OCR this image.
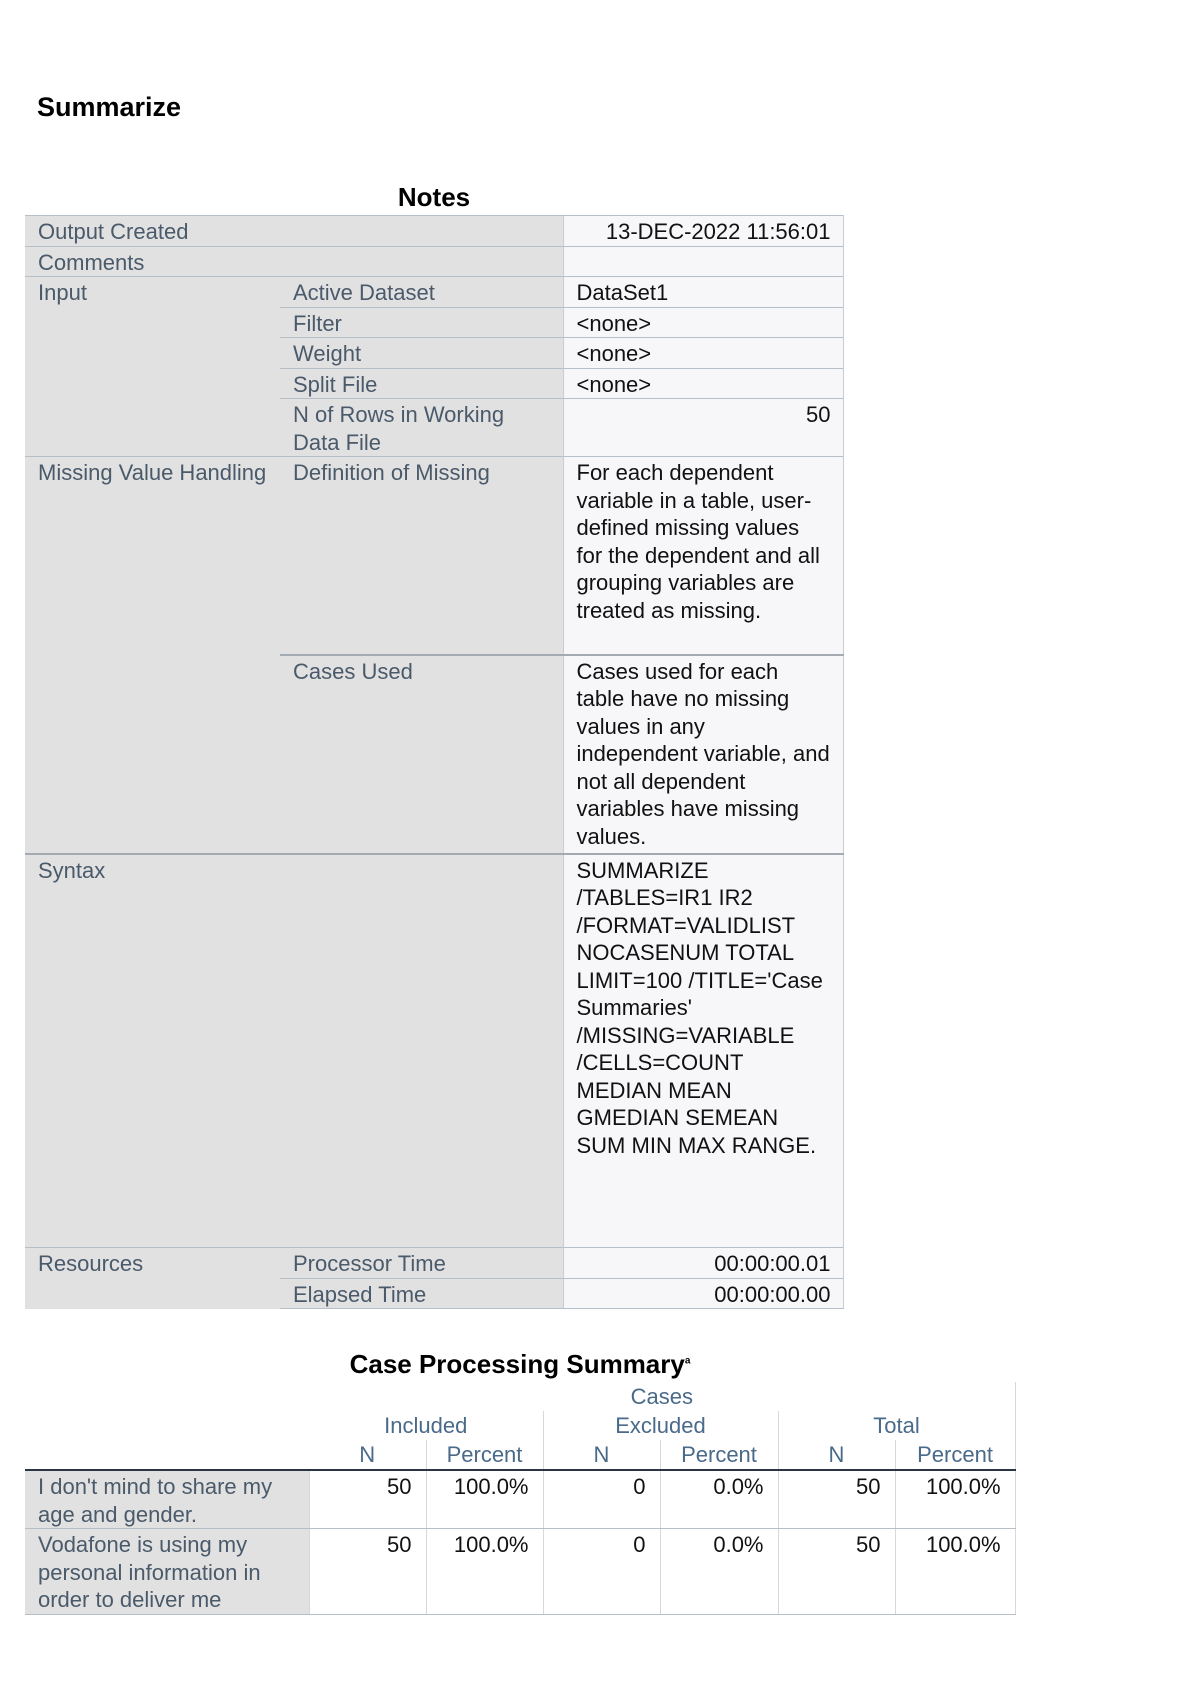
Summarize
Notes
Output Created		13-DEC-2022 11:56:01
Comments		
Input	Active Dataset	DataSet1
	Filter	<none>
	Weight	<none>
	Split File	<none>
	N of Rows in Working Data File	50
Missing Value Handling	Definition of Missing	For each dependent variable in a table, user-defined missing values for the dependent and all grouping variables are treated as missing.
	Cases Used	Cases used for each table have no missing values in any independent variable, and not all dependent variables have missing values.
Syntax		SUMMARIZE /TABLES=IR1 IR2 /FORMAT=VALIDLIST NOCASENUM TOTAL LIMIT=100 /TITLE='Case Summaries' /MISSING=VARIABLE /CELLS=COUNT MEDIAN MEAN GMEDIAN SEMEAN SUM MIN MAX RANGE.
Resources	Processor Time	00:00:00.01
	Elapsed Time	00:00:00.00
Case Processing Summary$^a$
	Cases					
	Included		Excluded		Total	
	N	Percent	N	Percent	N	Percent
I don't mind to share my age and gender.	50	100.0%	0	0.0%	50	100.0%
Vodafone is using my personal information in order to deliver me	50	100.0%	0	0.0%	50	100.0%
